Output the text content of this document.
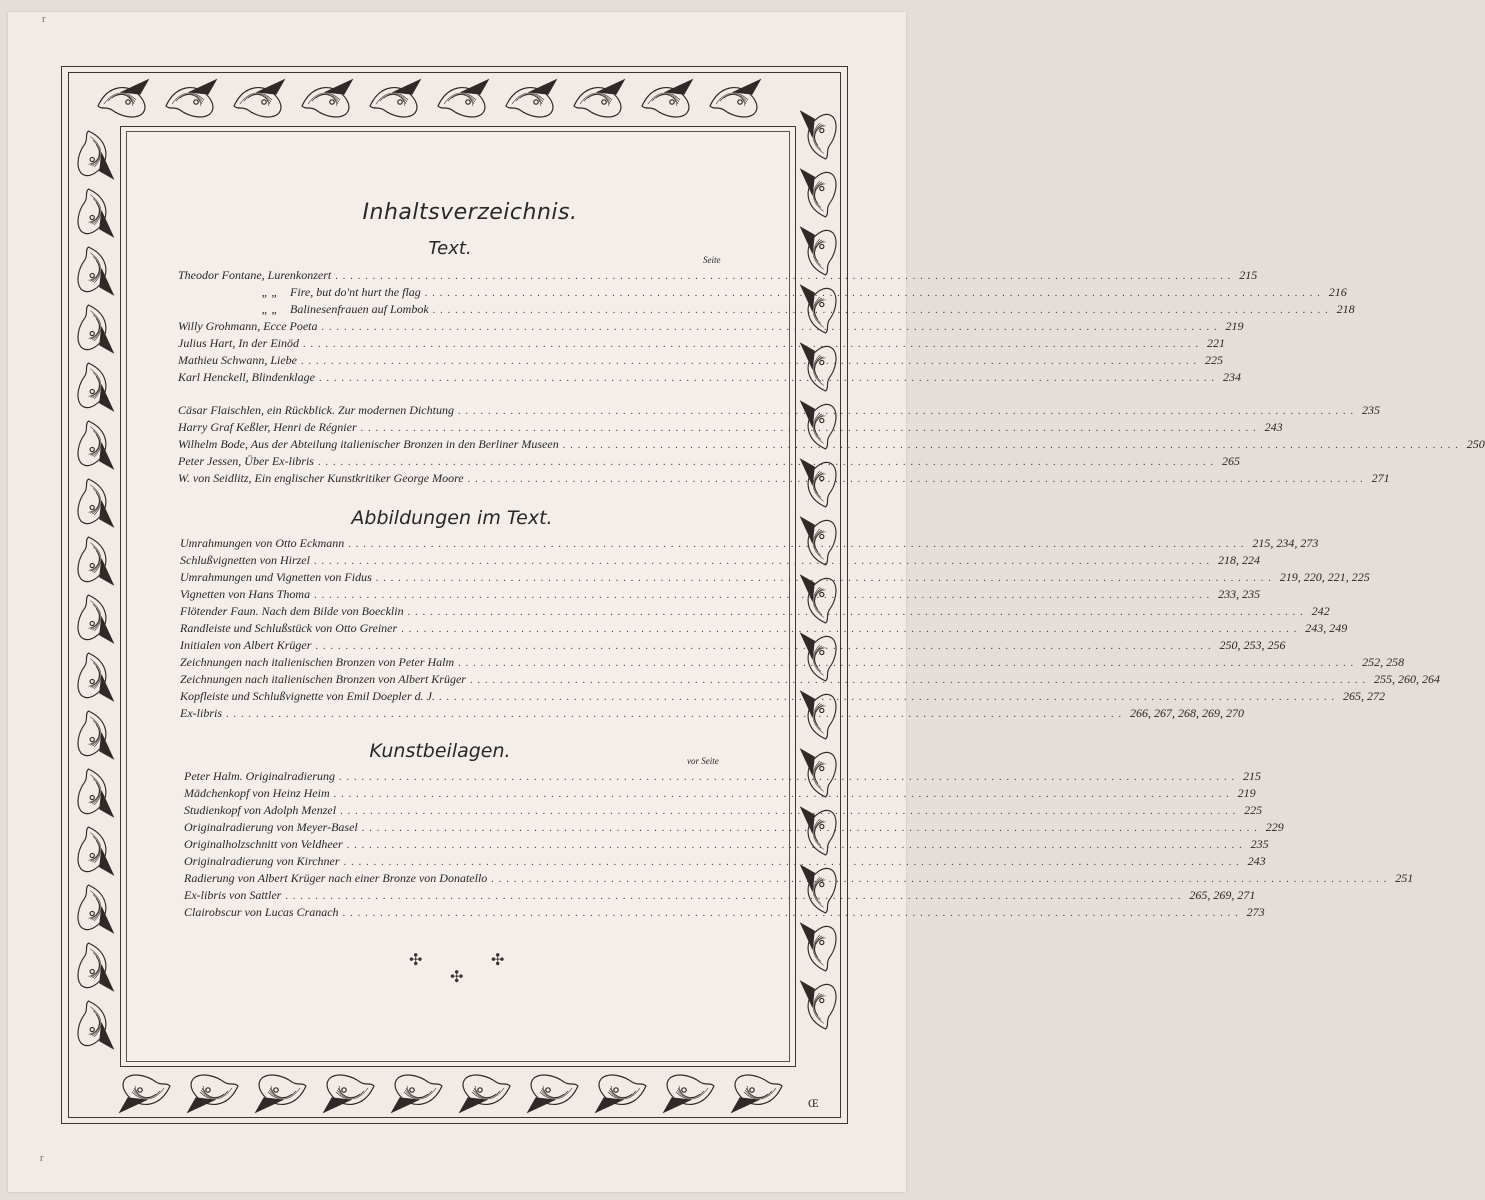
r
r
Inhaltsverzeichnis.
Text.
Seite
Theodor Fontane, Lurenkonzert ........................................................................................................................ 215
„ „ Fire, but do'nt hurt the flag ........................................................................................................................ 216
„ „ Balinesenfrauen auf Lombok ........................................................................................................................ 218
Willy Grohmann, Ecce Poeta ........................................................................................................................ 219
Julius Hart, In der Einöd ........................................................................................................................ 221
Mathieu Schwann, Liebe ........................................................................................................................ 225
Karl Henckell, Blindenklage ........................................................................................................................ 234
Cäsar Flaischlen, ein Rückblick. Zur modernen Dichtung ........................................................................................................................ 235
Harry Graf Keßler, Henri de Régnier ........................................................................................................................ 243
Wilhelm Bode, Aus der Abteilung italienischer Bronzen in den Berliner Museen ........................................................................................................................ 250
Peter Jessen, Über Ex-libris ........................................................................................................................ 265
W. von Seidlitz, Ein englischer Kunstkritiker George Moore ........................................................................................................................ 271
Abbildungen im Text.
Umrahmungen von Otto Eckmann ........................................................................................................................ 215, 234, 273
Schlußvignetten von Hirzel ........................................................................................................................ 218, 224
Umrahmungen und Vignetten von Fidus ........................................................................................................................ 219, 220, 221, 225
Vignetten von Hans Thoma ........................................................................................................................ 233, 235
Flötender Faun. Nach dem Bilde von Boecklin ........................................................................................................................ 242
Randleiste und Schlußstück von Otto Greiner ........................................................................................................................ 243, 249
Initialen von Albert Krüger ........................................................................................................................ 250, 253, 256
Zeichnungen nach italienischen Bronzen von Peter Halm ........................................................................................................................ 252, 258
Zeichnungen nach italienischen Bronzen von Albert Krüger ........................................................................................................................ 255, 260, 264
Kopfleiste und Schlußvignette von Emil Doepler d. J. ........................................................................................................................ 265, 272
Ex-libris ........................................................................................................................ 266, 267, 268, 269, 270
Kunstbeilagen.	vor Seite
Peter Halm. Originalradierung ........................................................................................................................ 215
Mädchenkopf von Heinz Heim ........................................................................................................................ 219
Studienkopf von Adolph Menzel ........................................................................................................................ 225
Originalradierung von Meyer-Basel ........................................................................................................................ 229
Originalholzschnitt von Veldheer ........................................................................................................................ 235
Originalradierung von Kirchner ........................................................................................................................ 243
Radierung von Albert Krüger nach einer Bronze von Donatello ........................................................................................................................ 251
Ex-libris von Sattler ........................................................................................................................ 265, 269, 271
Clairobscur von Lucas Cranach ........................................................................................................................ 273
✣	✣
✣
Œ
